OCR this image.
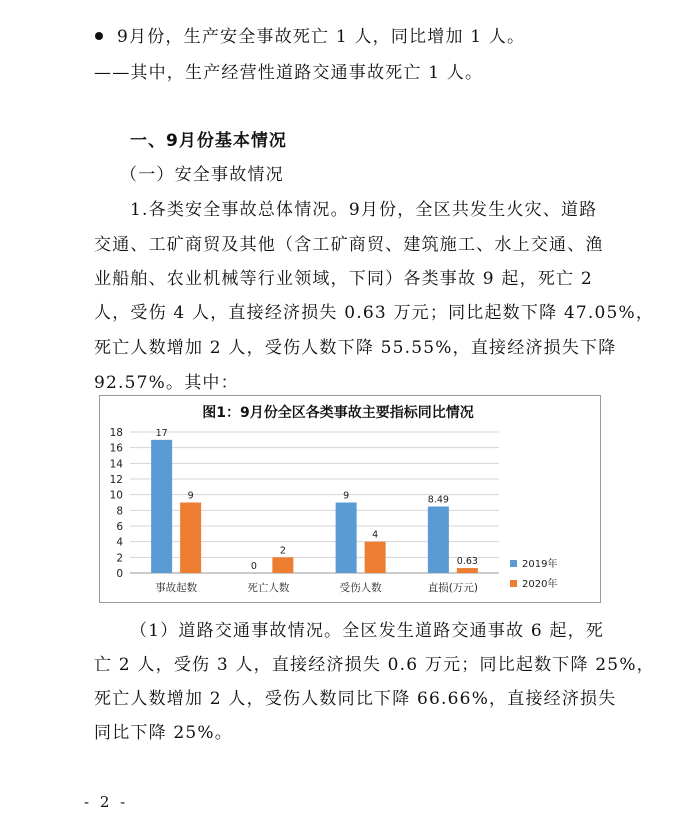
9月份，生产安全事故死亡 1 人，同比增加 1 人。
——其中，生产经营性道路交通事故死亡 1 人。
一、9月份基本情况
（一）安全事故情况
1.各类安全事故总体情况。9月份，全区共发生火灾、道路
交通、工矿商贸及其他（含工矿商贸、建筑施工、水上交通、渔
业船舶、农业机械等行业领域，下同）各类事故 9 起，死亡 2
人，受伤 4 人，直接经济损失 0.63 万元；同比起数下降 47.05%，
死亡人数增加 2 人，受伤人数下降 55.55%，直接经济损失下降
92.57%。其中：
图1：9月份全区各类事故主要指标同比情况
0
2
4
6
8
10
12
14
16
18	17
9
事故起数
0
2
死亡人数
9
4
受伤人数
8.49
0.63
直损(万元)
2019年
2020年
（1）道路交通事故情况。全区发生道路交通事故 6 起，死
亡 2 人，受伤 3 人，直接经济损失 0.6 万元；同比起数下降 25%，
死亡人数增加 2 人，受伤人数同比下降 66.66%，直接经济损失
同比下降 25%。
- 2 -
